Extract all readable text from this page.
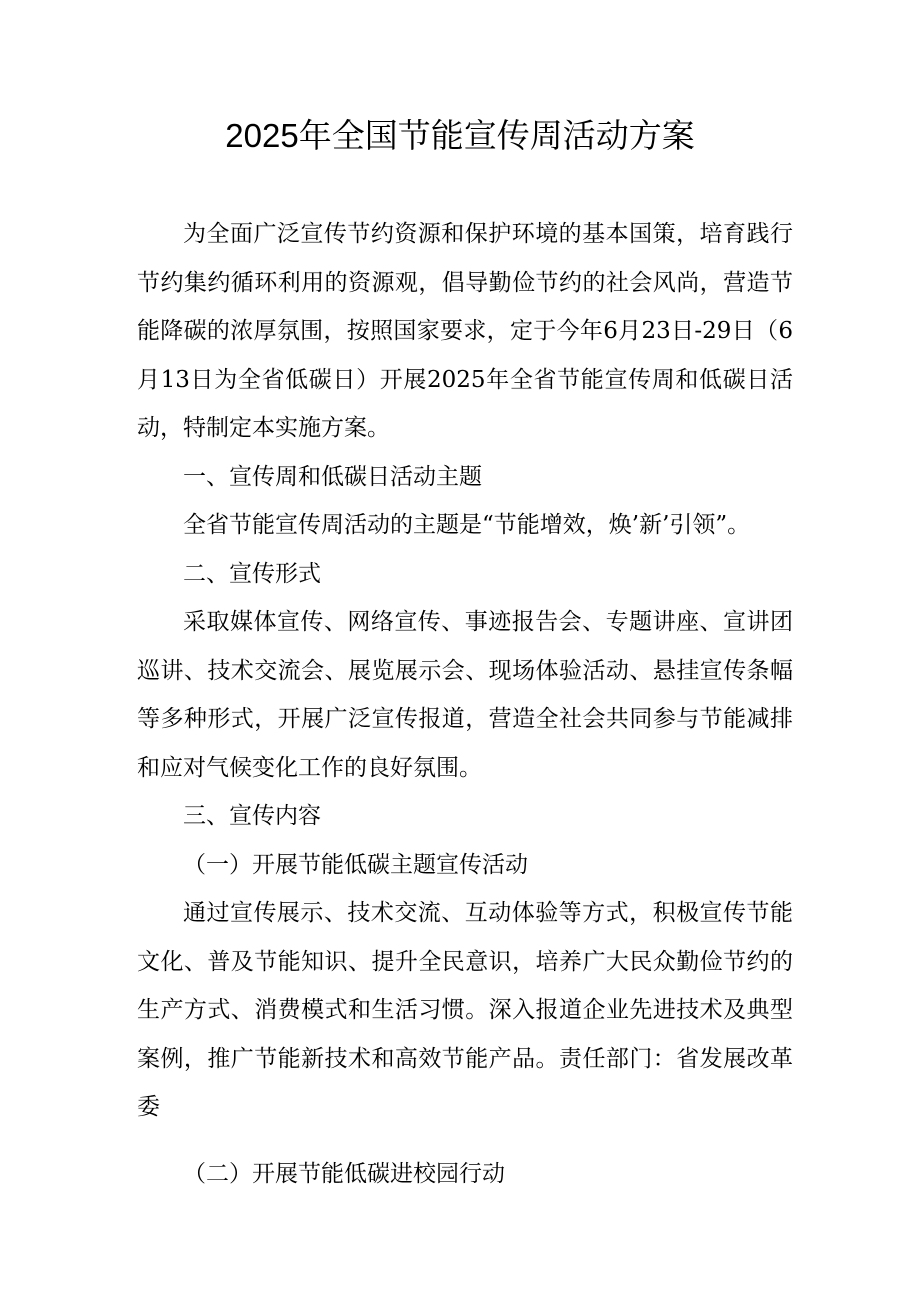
2025年全国节能宣传周活动方案

为全面广泛宣传节约资源和保护环境的基本国策，培育践行节约集约循环利用的资源观，倡导勤俭节约的社会风尚，营造节能降碳的浓厚氛围，按照国家要求，定于今年6月23日-29日（6月13日为全省低碳日）开展2025年全省节能宣传周和低碳日活动，特制定本实施方案。

一、宣传周和低碳日活动主题

全省节能宣传周活动的主题是“节能增效，焕’新’引领”。

二、宣传形式

采取媒体宣传、网络宣传、事迹报告会、专题讲座、宣讲团巡讲、技术交流会、展览展示会、现场体验活动、悬挂宣传条幅等多种形式，开展广泛宣传报道，营造全社会共同参与节能减排和应对气候变化工作的良好氛围。

三、宣传内容

（一）开展节能低碳主题宣传活动

通过宣传展示、技术交流、互动体验等方式，积极宣传节能文化、普及节能知识、提升全民意识，培养广大民众勤俭节约的生产方式、消费模式和生活习惯。深入报道企业先进技术及典型案例，推广节能新技术和高效节能产品。责任部门：省发展改革委

（二）开展节能低碳进校园行动
